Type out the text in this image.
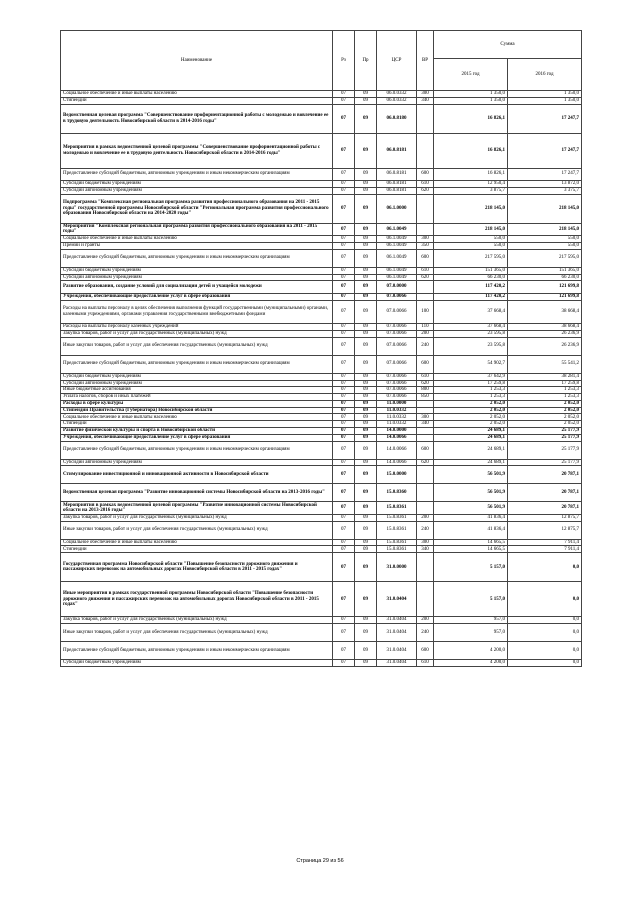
Наименование	Рз	Пр	ЦСР	ВР	Сумма	
					2015 год	2016 год
Социальное обеспечение и иные выплаты населению	07	09	06.0.0332	300	1 350,0	1 350,0
Стипендии	07	09	06.0.0332	340	1 350,0	1 350,0
Ведомственная целевая программа "Совершенствование профориентационной работы с молодежью и вовлечение ее в трудовую деятельность Новосибирской области в 2014-2016 годы"	07	09	06.0.8180		16 826,1	17 247,7
Мероприятия в рамках ведомственной целевой программы "Совершенствование профориентационной работы с молодежью и вовлечение ее в трудовую деятельность Новосибирской области в 2014-2016 годы"	07	09	06.0.8181		16 826,1	17 247,7
Предоставление субсидий бюджетным, автономным учреждениям и иным некоммерческим организациям	07	09	06.0.8181	600	16 826,1	17 247,7
Субсидии бюджетным учреждениям	07	09	06.0.8181	610	12 950,4	13 872,0
Субсидии автономным учреждениям	07	09	06.0.8181	620	3 875,7	3 375,7
Подпрограмма "Комплексная региональная программа развития профессионального образования на 2011 - 2015 годы" государственной программы Новосибирской области "Региональная программа развития профессионального образования Новосибирской области на 2014-2020 годы"	07	09	06.1.0000		218 145,0	218 145,0
Мероприятия "Комплексная региональная программа развития профессионального образования на 2011 - 2015 годы"	07	09	06.1.0049		218 145,0	218 145,0
Социальное обеспечение и иные выплаты населению	07	09	06.1.0049	300	550,0	550,0
Премии и гранты	07	09	06.1.0049	350	550,0	550,0
Предоставление субсидий бюджетным, автономным учреждениям и иным некоммерческим организациям	07	09	06.1.0049	600	217 595,0	217 595,0
Субсидии бюджетным учреждениям	07	09	06.1.0049	610	151 365,0	151 365,0
Субсидии автономным учреждениям	07	09	06.1.0049	620	66 230,0	66 230,0
Развитие образования, создание условий для социализации детей и учащейся молодежи	07	09	07.0.0000		117 420,2	121 699,8
Учреждения, обеспечивающие предоставление услуг в сфере образования	07	09	07.0.0066		117 420,2	121 699,8
Расходы на выплаты персоналу в целях обеспечения выполнения функций государственными (муниципальными) органами, казенными учреждениями, органами управления государственными внебюджетными фондами	07	09	07.0.0066	100	37 668,4	38 668,4
Расходы на выплаты персоналу казенных учреждений	07	09	07.0.0066	110	37 668,4	38 668,4
Закупка товаров, работ и услуг для государственных (муниципальных) нужд	07	09	07.0.0066	200	23 595,8	26 236,9
Иные закупки товаров, работ и услуг для обеспечения государственных (муниципальных) нужд	07	09	07.0.0066	240	23 595,8	26 236,9
Предоставление субсидий бюджетным, автономным учреждениям и иным некоммерческим организациям	07	09	07.0.0066	600	54 902,7	55 541,2
Субсидии бюджетным учреждениям	07	09	07.0.0066	610	37 642,9	38 281,4
Субсидии автономным учреждениям	07	09	07.0.0066	620	17 259,8	17 259,8
Иные бюджетные ассигнования	07	09	07.0.0066	800	1 253,3	1 253,3
Уплата налогов, сборов и иных платежей	07	09	07.0.0066	850	1 253,3	1 253,3
Расходы в сфере культуры	07	09	11.0.0000		2 052,0	2 052,0
Стипендии Правительства (Губернатора) Новосибирской области	07	09	11.0.0332		2 052,0	2 052,0
Социальное обеспечение и иные выплаты населению	07	09	11.0.0332	300	2 052,0	2 052,0
Стипендии	07	09	11.0.0332	340	2 052,0	2 052,0
Развитие физической культуры и спорта в Новосибирской области	07	09	14.0.0000		24 689,1	25 177,9
Учреждения, обеспечивающие предоставление услуг в сфере образования	07	09	14.0.0066		24 689,1	25 177,9
Предоставление субсидий бюджетным, автономным учреждениям и иным некоммерческим организациям	07	09	14.0.0066	600	24 689,1	25 177,9
Субсидии автономным учреждениям	07	09	14.0.0066	620	24 689,1	25 177,9
Стимулирование инвестиционной и инновационной активности в Новосибирской области	07	09	15.0.0000		56 501,9	20 787,1
Ведомственная целевая программа "Развитие инновационной системы Новосибирской области на 2013-2016 годы"	07	09	15.0.8360		56 501,9	20 787,1
Мероприятия в рамках ведомственной целевой программы "Развитие инновационной системы Новосибирской области на 2013-2016 годы"	07	09	15.0.8361		56 501,9	20 787,1
Закупка товаров, работ и услуг для государственных (муниципальных) нужд	07	09	15.0.8361	200	41 836,4	12 875,7
Иные закупки товаров, работ и услуг для обеспечения государственных (муниципальных) нужд	07	09	15.0.8361	240	41 836,4	12 875,7
Социальное обеспечение и иные выплаты населению	07	09	15.0.8361	300	14 665,5	7 911,4
Стипендии	07	09	15.0.8361	340	14 665,5	7 911,4
Государственная программа Новосибирской области "Повышение безопасности дорожного движения и пассажирских перевозок на автомобильных дорогах Новосибирской области в 2011 - 2015 годах"	07	09	31.0.0000		5 157,0	0,0
Иные мероприятия в рамках государственной программы Новосибирской области "Повышение безопасности дорожного движения и пассажирских перевозок на автомобильных дорогах Новосибирской области в 2011 - 2015 годах"	07	09	31.0.0404		5 157,0	0,0
Закупка товаров, работ и услуг для государственных (муниципальных) нужд	07	09	31.0.0404	200	957,0	0,0
Иные закупки товаров, работ и услуг для обеспечения государственных (муниципальных) нужд	07	09	31.0.0404	240	957,0	0,0
Предоставление субсидий бюджетным, автономным учреждениям и иным некоммерческим организациям	07	09	31.0.0404	600	4 200,0	0,0
Субсидии бюджетным учреждениям	07	09	31.0.0404	610	4 200,0	0,0
Страница 29 из 56
